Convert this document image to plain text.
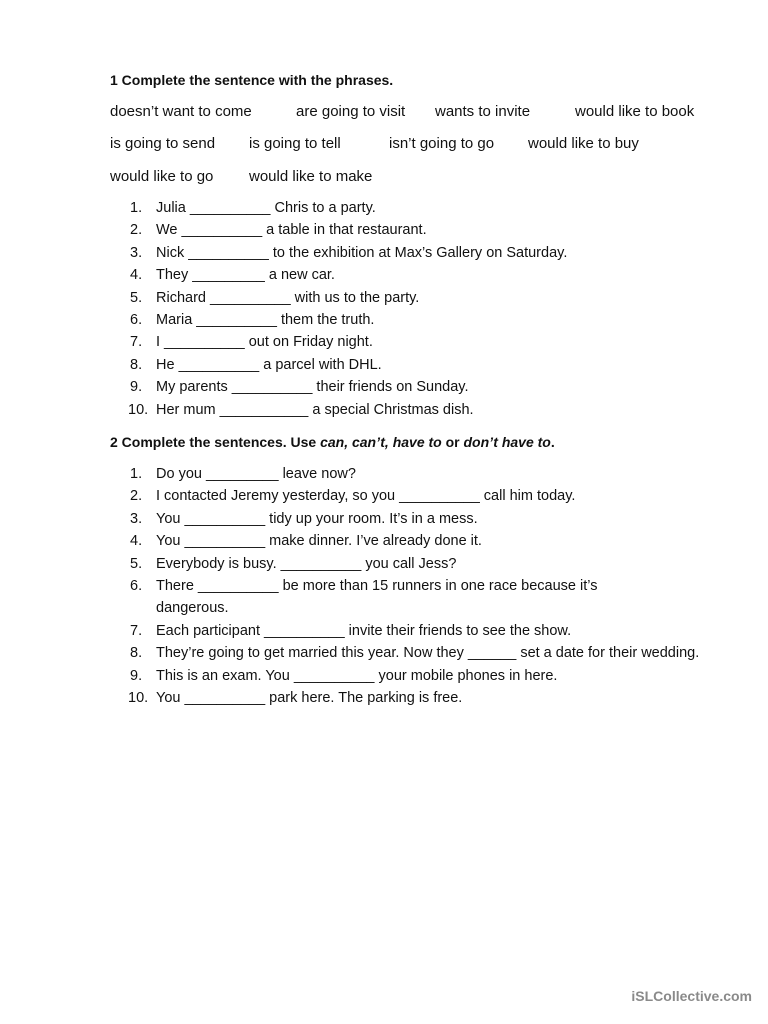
1 Complete the sentence with the phrases.
doesn’t want to come	are going to visit wants to invite	would like to book
is going to send is going to tell	isn’t going to go would like to buy
would like to go would like to make
1. Julia __________ Chris to a party.
2. We __________ a table in that restaurant.
3. Nick __________ to the exhibition at Max’s Gallery on Saturday.
4. They _________ a new car.
5. Richard __________ with us to the party.
6. Maria __________ them the truth.
7. I __________ out on Friday night.
8. He __________ a parcel with DHL.
9. My parents __________ their friends on Sunday.
10. Her mum ___________ a special Christmas dish.
2 Complete the sentences. Use can, can’t, have to or don’t have to.
1. Do you _________ leave now?
2. I contacted Jeremy yesterday, so you __________ call him today.
3. You __________ tidy up your room. It’s in a mess.
4. You __________ make dinner. I’ve already done it.
5. Everybody is busy. __________ you call Jess?
6. There __________ be more than 15 runners in one race because it’s dangerous.
7. Each participant __________ invite their friends to see the show.
8. They’re going to get married this year. Now they ______ set a date for their wedding.
9. This is an exam. You __________ your mobile phones in here.
10. You __________ park here. The parking is free.
iSLCollective.com
